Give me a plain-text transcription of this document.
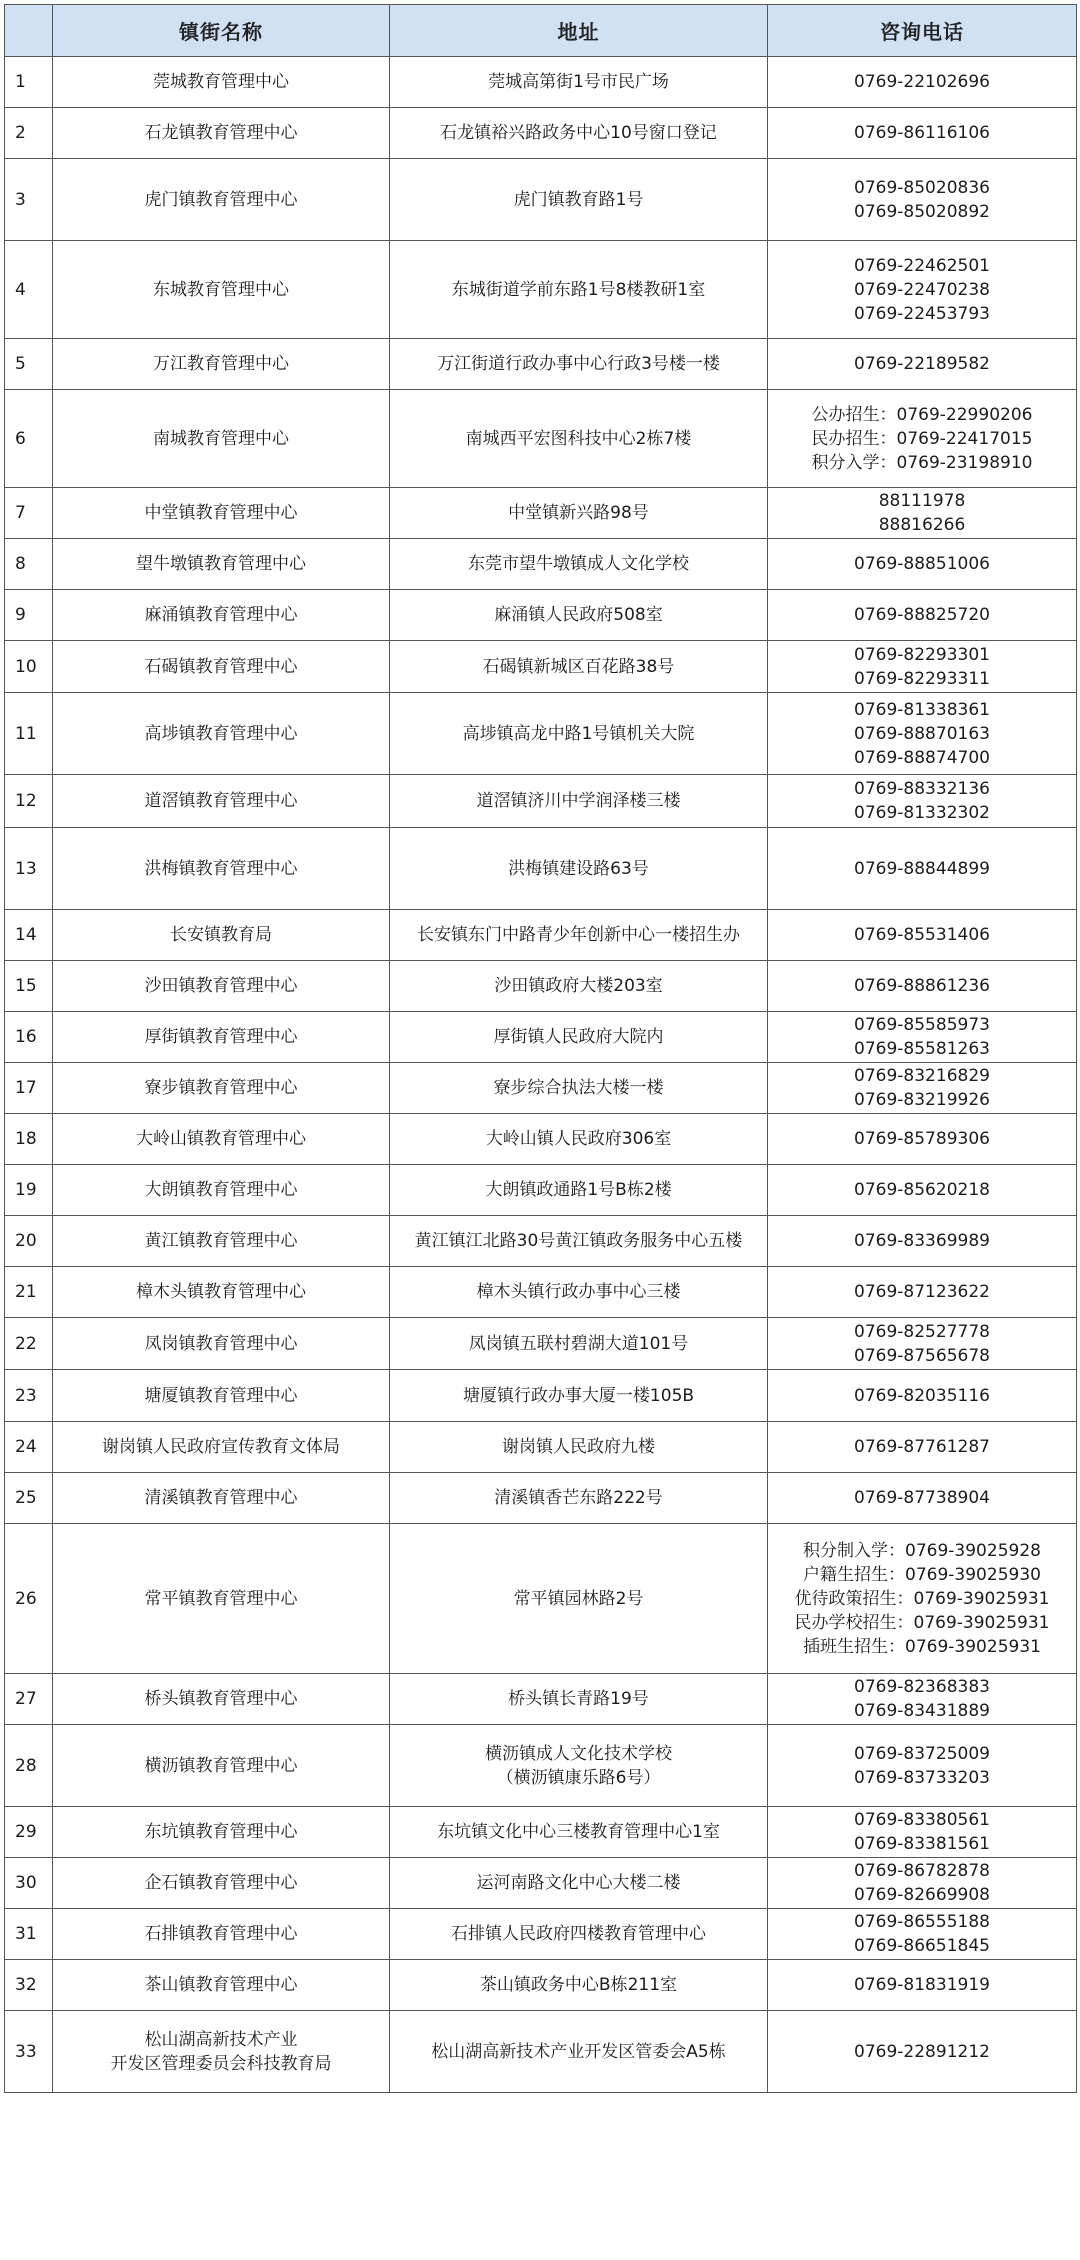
	镇街名称	地址	咨询电话
1	莞城教育管理中心	莞城高第街1号市民广场	0769-22102696

2	石龙镇教育管理中心	石龙镇裕兴路政务中心10号窗口登记	0769-86116106

3	虎门镇教育管理中心	虎门镇教育路1号	0769-85020836
0769-85020892

4	东城教育管理中心	东城街道学前东路1号8楼教研1室	0769-22462501
0769-22470238
0769-22453793

5	万江教育管理中心	万江街道行政办事中心行政3号楼一楼	0769-22189582

6	南城教育管理中心	南城西平宏图科技中心2栋7楼	公办招生：0769-22990206
民办招生：0769-22417015
积分入学：0769-23198910

7	中堂镇教育管理中心	中堂镇新兴路98号	88111978
88816266

8	望牛墩镇教育管理中心	东莞市望牛墩镇成人文化学校	0769-88851006

9	麻涌镇教育管理中心	麻涌镇人民政府508室	0769-88825720

10	石碣镇教育管理中心	石碣镇新城区百花路38号	0769-82293301
0769-82293311

11	高埗镇教育管理中心	高埗镇高龙中路1号镇机关大院	0769-81338361
0769-88870163
0769-88874700

12	道滘镇教育管理中心	道滘镇济川中学润泽楼三楼	0769-88332136
0769-81332302

13	洪梅镇教育管理中心	洪梅镇建设路63号	0769-88844899

14	长安镇教育局	长安镇东门中路青少年创新中心一楼招生办	0769-85531406

15	沙田镇教育管理中心	沙田镇政府大楼203室	0769-88861236

16	厚街镇教育管理中心	厚街镇人民政府大院内	0769-85585973
0769-85581263

17	寮步镇教育管理中心	寮步综合执法大楼一楼	0769-83216829
0769-83219926

18	大岭山镇教育管理中心	大岭山镇人民政府306室	0769-85789306

19	大朗镇教育管理中心	大朗镇政通路1号B栋2楼	0769-85620218

20	黄江镇教育管理中心	黄江镇江北路30号黄江镇政务服务中心五楼	0769-83369989

21	樟木头镇教育管理中心	樟木头镇行政办事中心三楼	0769-87123622

22	凤岗镇教育管理中心	凤岗镇五联村碧湖大道101号	0769-82527778
0769-87565678

23	塘厦镇教育管理中心	塘厦镇行政办事大厦一楼105B	0769-82035116

24	谢岗镇人民政府宣传教育文体局	谢岗镇人民政府九楼	0769-87761287

25	清溪镇教育管理中心	清溪镇香芒东路222号	0769-87738904

26	常平镇教育管理中心	常平镇园林路2号	积分制入学：0769-39025928
户籍生招生：0769-39025930
优待政策招生：0769-39025931
民办学校招生：0769-39025931
插班生招生：0769-39025931

27	桥头镇教育管理中心	桥头镇长青路19号	0769-82368383
0769-83431889

28	横沥镇教育管理中心	横沥镇成人文化技术学校
（横沥镇康乐路6号）	0769-83725009
0769-83733203

29	东坑镇教育管理中心	东坑镇文化中心三楼教育管理中心1室	0769-83380561
0769-83381561

30	企石镇教育管理中心	运河南路文化中心大楼二楼	0769-86782878
0769-82669908

31	石排镇教育管理中心	石排镇人民政府四楼教育管理中心	0769-86555188
0769-86651845

32	茶山镇教育管理中心	茶山镇政务中心B栋211室	0769-81831919

33	松山湖高新技术产业
开发区管理委员会科技教育局	松山湖高新技术产业开发区管委会A5栋	0769-22891212
